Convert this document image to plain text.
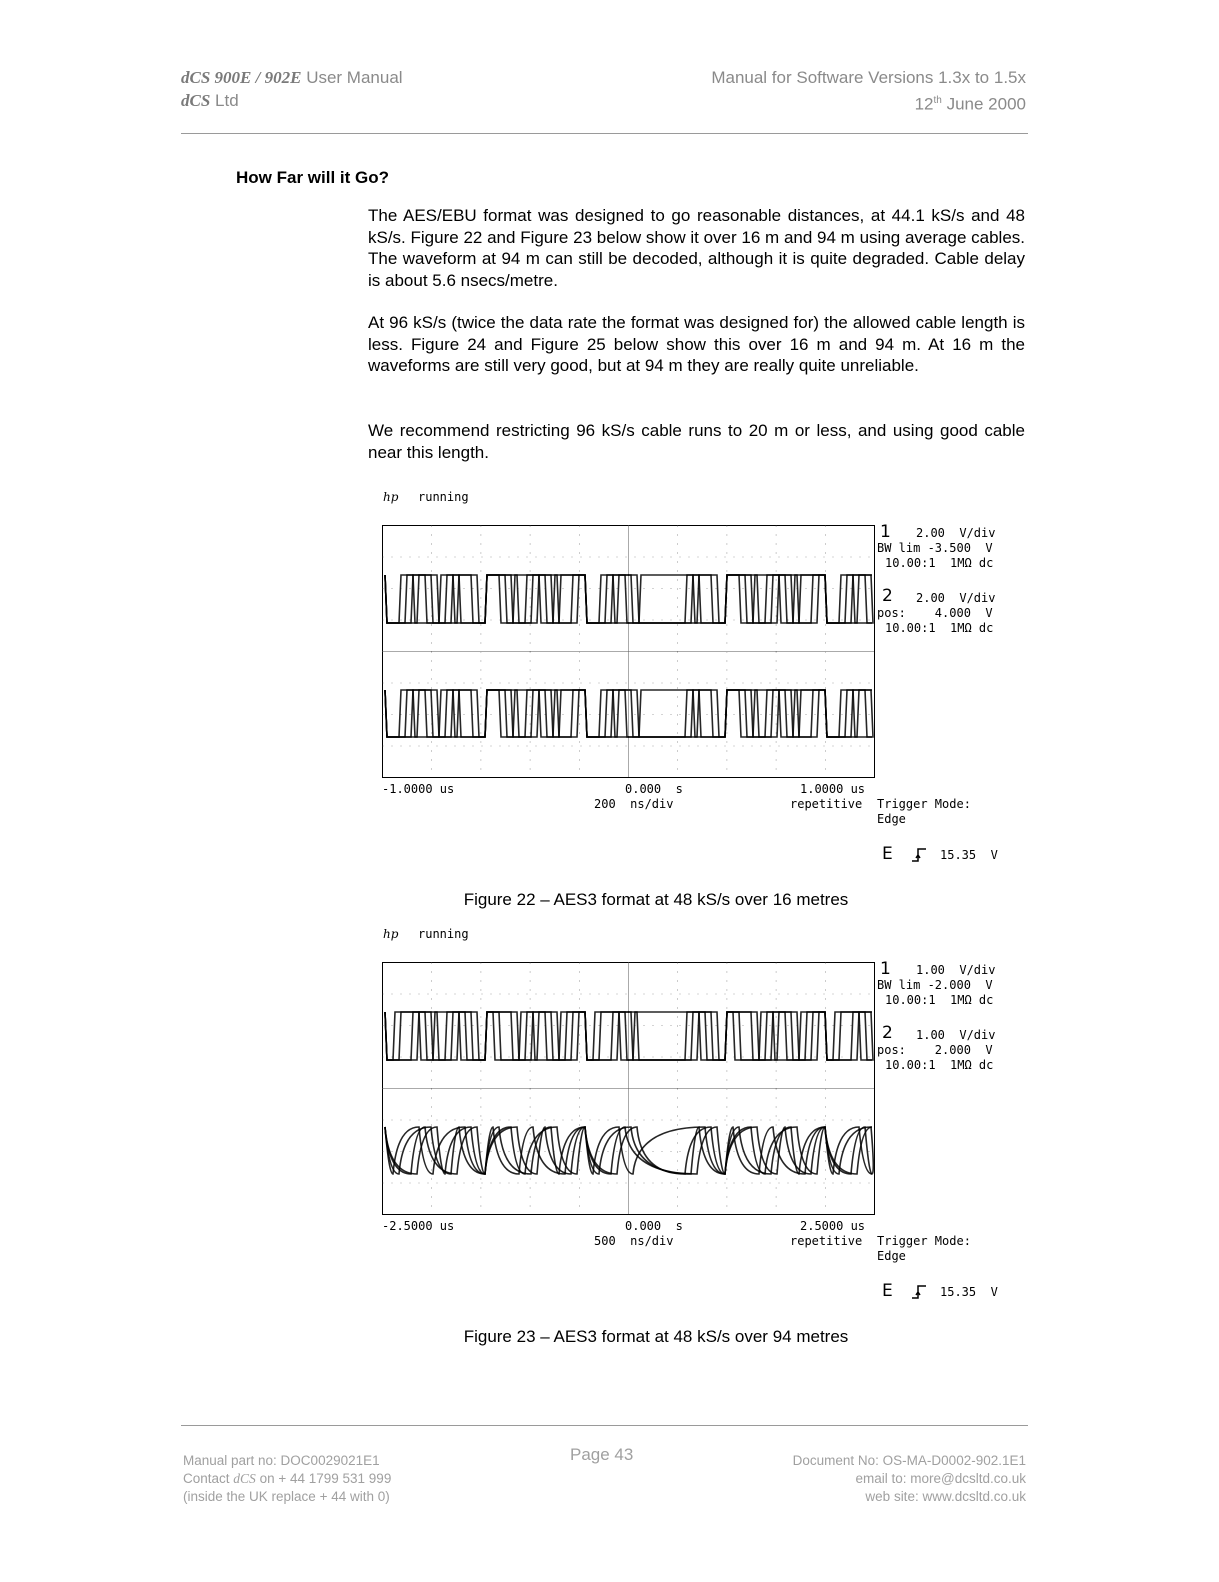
dCS 900E / 902E User Manual
dCS Ltd
Manual for Software Versions 1.3x to 1.5x
12th June 2000
How Far will it Go?

The AES/EBU format was designed to go reasonable distances, at 44.1 kS/s and 48 kS/s. Figure 22 and Figure 23 below show it over 16 m and 94 m using average cables. The waveform at 94 m can still be decoded, although it is quite degraded. Cable delay is about 5.6 nsecs/metre.

At 96 kS/s (twice the data rate the format was designed for) the allowed cable length is less. Figure 24 and Figure 25 below show this over 16 m and 94 m. At 16 m the waveforms are still very good, but at 94 m they are really quite unreliable.

We recommend restricting 96 kS/s cable runs to 20 m or less, and using good cable near this length.

hp running
1 2.00  V/div
BW lim -3.500  V
10.00:1  1MΩ dc
2 2.00  V/div
pos:    4.000  V
10.00:1  1MΩ dc
-1.0000 us	0.000  s	1.0000 us
200  ns/div	repetitive Trigger Mode:
Edge
E	15.35  V
Figure 22 – AES3 format at 48 kS/s over 16 metres
hp running
1 1.00  V/div
BW lim -2.000  V
10.00:1  1MΩ dc
2 1.00  V/div
pos:    2.000  V
10.00:1  1MΩ dc
-2.5000 us	0.000  s	2.5000 us
500  ns/div	repetitive Trigger Mode:
Edge
E	15.35  V
Figure 23 – AES3 format at 48 kS/s over 94 metres
Manual part no: DOC0029021E1
Contact dCS on + 44 1799 531 999
(inside the UK replace + 44 with 0)
Page 43	Document No: OS-MA-D0002-902.1E1
email to: more@dcsltd.co.uk
web site: www.dcsltd.co.uk
